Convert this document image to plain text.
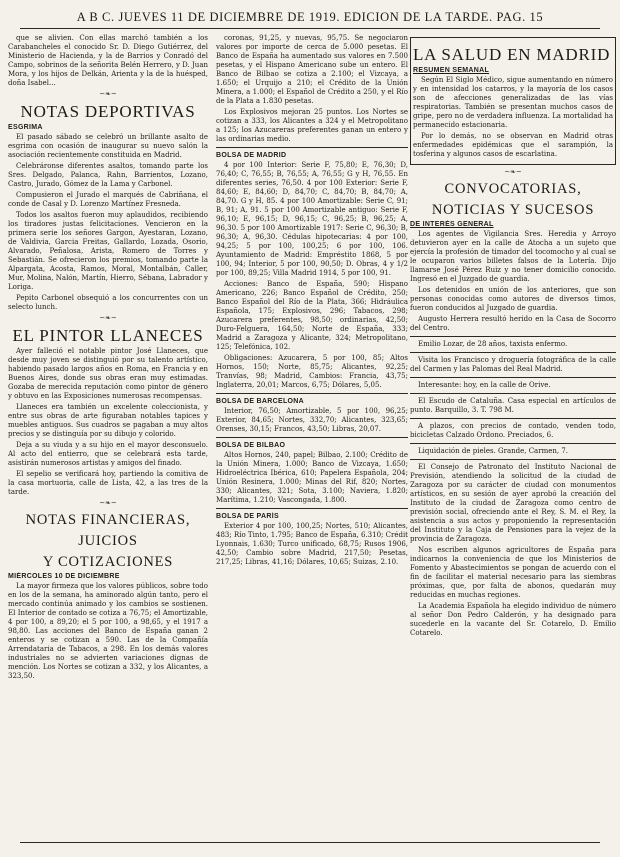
A B C. JUEVES 11 DE DICIEMBRE DE 1919. EDICION DE LA TARDE. PAG. 15
que se alivien. Con ellas marchó también a los Carabancheles el conocido Sr. D. Diego Gutiérrez, del Ministerio de Hacienda, y la de Barrios y Conradó del Campo, sobrinos de la señorita Belén Herrero, y D. Juan Mora, y los hijos de Delkán, Arienta y la de la huésped, doña Isabel...
~❧~
NOTAS DEPORTIVAS
ESGRIMA
El pasado sábado se celebró un brillante asalto de esgrima con ocasión de inaugurar su nuevo salón la asociación recientemente constituida en Madrid.
Celebráronse diferentes asaltos, tomando parte los Sres. Delgado, Palanca, Rahn, Barrientos, Lozano, Castro, Jurado, Gómez de la Lama y Carbonel.
Compusieron el Jurado el marqués de Cabriñana, el conde de Casal y D. Lorenzo Martínez Fresneda.
Todos los asaltos fueron muy aplaudidos, recibiendo los tiradores justas felicitaciones. Vencieron en la primera serie los señores Gargon, Ayestaran, Lozano, de Valdivia, Garcia Freitas, Gallardo, Lozada, Osorio, Alvarado, Peñalosa, Arista, Romero de Torres y Sebastián. Se ofrecieron los premios, tomando parte la Alpargata, Acosta, Ramos, Moral, Montalbán, Caller, Mur, Molina, Nalón, Martín, Hierro, Sébana, Labrador y Loriga.
Pepito Carbonel obsequió a los concurrentes con un selecto lunch.
~❧~
EL PINTOR LLANECES
Ayer falleció el notable pintor José Llaneces, que desde muy joven se distinguió por su talento artístico, habiendo pasado largos años en Roma, en Francia y en Buenos Aires, donde sus obras eran muy estimadas. Gozaba de merecida reputación como pintor de género y obtuvo en las Exposiciones numerosas recompensas.
Llaneces era también un excelente coleccionista, y entre sus obras de arte figuraban notables tapices y muebles antiguos. Sus cuadros se pagaban a muy altos precios y se distinguía por su dibujo y colorido.
Deja a su viuda y a su hijo en el mayor desconsuelo. Al acto del entierro, que se celebrará esta tarde, asistirán numerosos artistas y amigos del finado.
El sepelio se verificará hoy, partiendo la comitiva de la casa mortuoria, calle de Lista, 42, a las tres de la tarde.
~❧~
NOTAS FINANCIERAS,
JUICIOS
Y COTIZACIONES
MIÉRCOLES 10 DE DICIEMBRE
La mayor firmeza que los valores públicos, sobre todo en los de la semana, ha aminorado algún tanto, pero el mercado continúa animado y los cambios se sostienen. El Interior de contado se cotiza a 76,75; el Amortizable, 4 por 100, a 89,20; el 5 por 100, a 98,65, y el 1917 a 98,80. Las acciones del Banco de España ganan 2 enteros y se cotizan a 590. Las de la Compañía Arrendataria de Tabacos, a 298. En los demás valores industriales no se advierten variaciones dignas de mención. Los Nortes se cotizan a 332, y los Alicantes, a 323,50.
coronas, 91,25, y nuevas, 95,75. Se negociaron valores por importe de cerca de 5.000 pesetas. El Banco de España ha aumentado sus valores en 7.500 pesetas, y el Hispano Americano sube un entero. El Banco de Bilbao se cotiza a 2.100; el Vizcaya, a 1.650; el Urquijo a 210; el Crédito de la Unión Minera, a 1.000; el Español de Crédito a 250, y el Río de la Plata a 1.830 pesetas.
Los Explosivos mejoran 25 puntos. Los Nortes se cotizan a 333, los Alicantes a 324 y el Metropolitano a 125; los Azucareras preferentes ganan un entero y las ordinarias medio.
BOLSA DE MADRID
4 por 100 Interior: Serie F, 75,80; E, 76,30; D, 76,40; C, 76,55; B, 76,55; A, 76,55; G y H, 76,55. En diferentes series, 76,50. 4 por 100 Exterior: Serie F, 84,60; E, 84,60; D, 84,70; C, 84,70; B, 84,70; A, 84,70. G y H, 85. 4 por 100 Amortizable: Serie C, 91; B, 91; A, 91. 5 por 100 Amortizable antiguo: Serie F, 96,10; E, 96,15; D, 96,15; C, 96,25; B, 96,25; A, 96,30. 5 por 100 Amortizable 1917: Serie C, 96,30; B, 96,30; A, 96,30. Cédulas hipotecarias: 4 por 100, 94,25; 5 por 100, 100,25; 6 por 100, 106. Ayuntamiento de Madrid: Empréstito 1868, 5 por 100, 94; Interior, 5 por 100, 90,50; D. Obras, 4 y 1/2 por 100, 89,25; Villa Madrid 1914, 5 por 100, 91.
Acciones: Banco de España, 590; Hispano Americano, 226; Banco Español de Crédito, 250; Banco Español del Río de la Plata, 366; Hidráulica Española, 175; Explosivos, 296; Tabacos, 298; Azucarera preferentes, 98,50; ordinarias, 42,50; Duro-Felguera, 164,50; Norte de España, 333; Madrid a Zaragoza y Alicante, 324; Metropolitano, 125; Telefónica, 102.
Obligaciones: Azucarera, 5 por 100, 85; Altos Hornos, 150; Norte, 85,75; Alicantes, 92,25; Tranvías, 98; Madrid, Cambios: Francia, 43,75; Inglaterra, 20,01; Marcos, 6,75; Dólares, 5,05.
BOLSA DE BARCELONA
Interior, 76,50; Amortizable, 5 por 100, 96,25; Exterior, 84,65; Nortes, 332,70; Alicantes, 323,65; Orenses, 30,15; Francos, 43,50; Libras, 20,07.
BOLSA DE BILBAO
Altos Hornos, 240, papel; Bilbao, 2.100; Crédito de la Unión Minera, 1.000; Banco de Vizcaya, 1.650; Hidroeléctrica Ibérica, 610; Papelera Española, 204; Unión Resinera, 1.000; Minas del Rif, 820; Nortes, 330; Alicantes, 321; Sota, 3.100; Naviera, 1.820; Marítima, 1.210; Vascongada, 1.800.
BOLSA DE PARÍS
Exterior 4 por 100, 100,25; Nortes, 510; Alicantes, 483; Río Tinto, 1.795; Banco de España, 6.310; Crédit Lyonnais, 1.630; Turco unificado, 68,75; Rusos 1906, 42,50; Cambio sobre Madrid, 217,50; Pesetas, 217,25; Libras, 41,16; Dólares, 10,65; Suizas, 2.10.
LA SALUD EN MADRID
RESUMEN SEMANAL
Según El Siglo Médico, sigue aumentando en número y en intensidad los catarros, y la mayoría de los casos son de afecciones generalizadas de las vías respiratorias. También se presentan muchos casos de gripe, pero no de verdadera influenza. La mortalidad ha permanecido estacionaria.
Por lo demás, no se observan en Madrid otras enfermedades epidémicas que el sarampión, la tosferina y algunos casos de escarlatina.
~❧~
CONVOCATORIAS,
NOTICIAS Y SUCESOS
DE INTERÉS GENERAL
Los agentes de Vigilancia Sres. Heredia y Arroyo detuvieron ayer en la calle de Atocha a un sujeto que ejercía la profesión de timador del tocomocho y al cual se le ocuparon varios billetes falsos de la Lotería. Dijo llamarse José Pérez Ruiz y no tener domicilio conocido. Ingresó en el Juzgado de guardia.
Los detenidos en unión de los anteriores, que son personas conocidas como autores de diversos timos, fueron conducidos al Juzgado de guardia.
Augusto Herrera resultó herido en la Casa de Socorro del Centro.
Emilio Lozar, de 28 años, taxista enfermo.
Visita los Francisco y droguería fotográfica de la calle del Carmen y las Palomas del Real Madrid.
Interesante: hoy, en la calle de Orive.
El Escudo de Cataluña. Casa especial en artículos de punto. Barquillo, 3. T. 798 M.
A plazos, con precios de contado, venden todo, bicicletas Calzado Ordono. Preciados, 6.
Liquidación de pieles. Grande, Carmen, 7.
El Consejo de Patronato del Instituto Nacional de Previsión, atendiendo la solicitud de la ciudad de Zaragoza por su carácter de ciudad con monumentos artísticos, en su sesión de ayer aprobó la creación del Instituto de la ciudad de Zaragoza como centro de previsión social, ofreciendo ante el Rey, S. M. el Rey, la asistencia a sus actos y proponiendo la representación del Instituto y la Caja de Pensiones para la vejez de la provincia de Zaragoza.
Nos escriben algunos agricultores de España para indicarnos la conveniencia de que los Ministerios de Fomento y Abastecimientos se pongan de acuerdo con el fin de facilitar el material necesario para las siembras próximas, que, por falta de abonos, quedarán muy reducidas en muchas regiones.
La Academia Española ha elegido individuo de número al señor Don Pedro Calderón, y ha designado para sucederle en la vacante del Sr. Cotarelo, D. Emilio Cotarelo.
